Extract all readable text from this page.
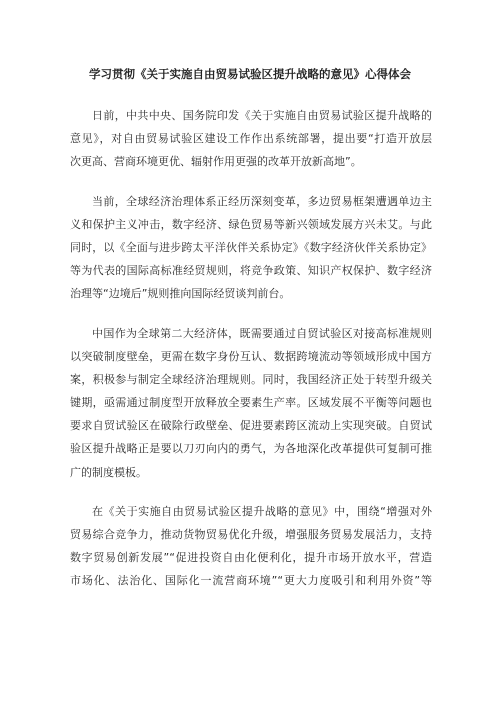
学习贯彻《关于实施自由贸易试验区提升战略的意见》心得体会
日前，中共中央、国务院印发《关于实施自由贸易试验区提升战略的
意见》，对自由贸易试验区建设工作作出系统部署，提出要“打造开放层
次更高、营商环境更优、辐射作用更强的改革开放新高地”。
当前，全球经济治理体系正经历深刻变革，多边贸易框架遭遇单边主
义和保护主义冲击，数字经济、绿色贸易等新兴领域发展方兴未艾。与此
同时，以《全面与进步跨太平洋伙伴关系协定》《数字经济伙伴关系协定》
等为代表的国际高标准经贸规则，将竞争政策、知识产权保护、数字经济
治理等“边境后”规则推向国际经贸谈判前台。
中国作为全球第二大经济体，既需要通过自贸试验区对接高标准规则
以突破制度壁垒，更需在数字身份互认、数据跨境流动等领域形成中国方
案，积极参与制定全球经济治理规则。同时，我国经济正处于转型升级关
键期，亟需通过制度型开放释放全要素生产率。区域发展不平衡等问题也
要求自贸试验区在破除行政壁垒、促进要素跨区流动上实现突破。自贸试
验区提升战略正是要以刀刃向内的勇气，为各地深化改革提供可复制可推
广的制度模板。
在《关于实施自由贸易试验区提升战略的意见》中，围绕“增强对外
贸易综合竞争力，推动货物贸易优化升级，增强服务贸易发展活力，支持
数字贸易创新发展”“促进投资自由化便利化，提升市场开放水平，营造
市场化、法治化、国际化一流营商环境”“更大力度吸引和利用外资”等
